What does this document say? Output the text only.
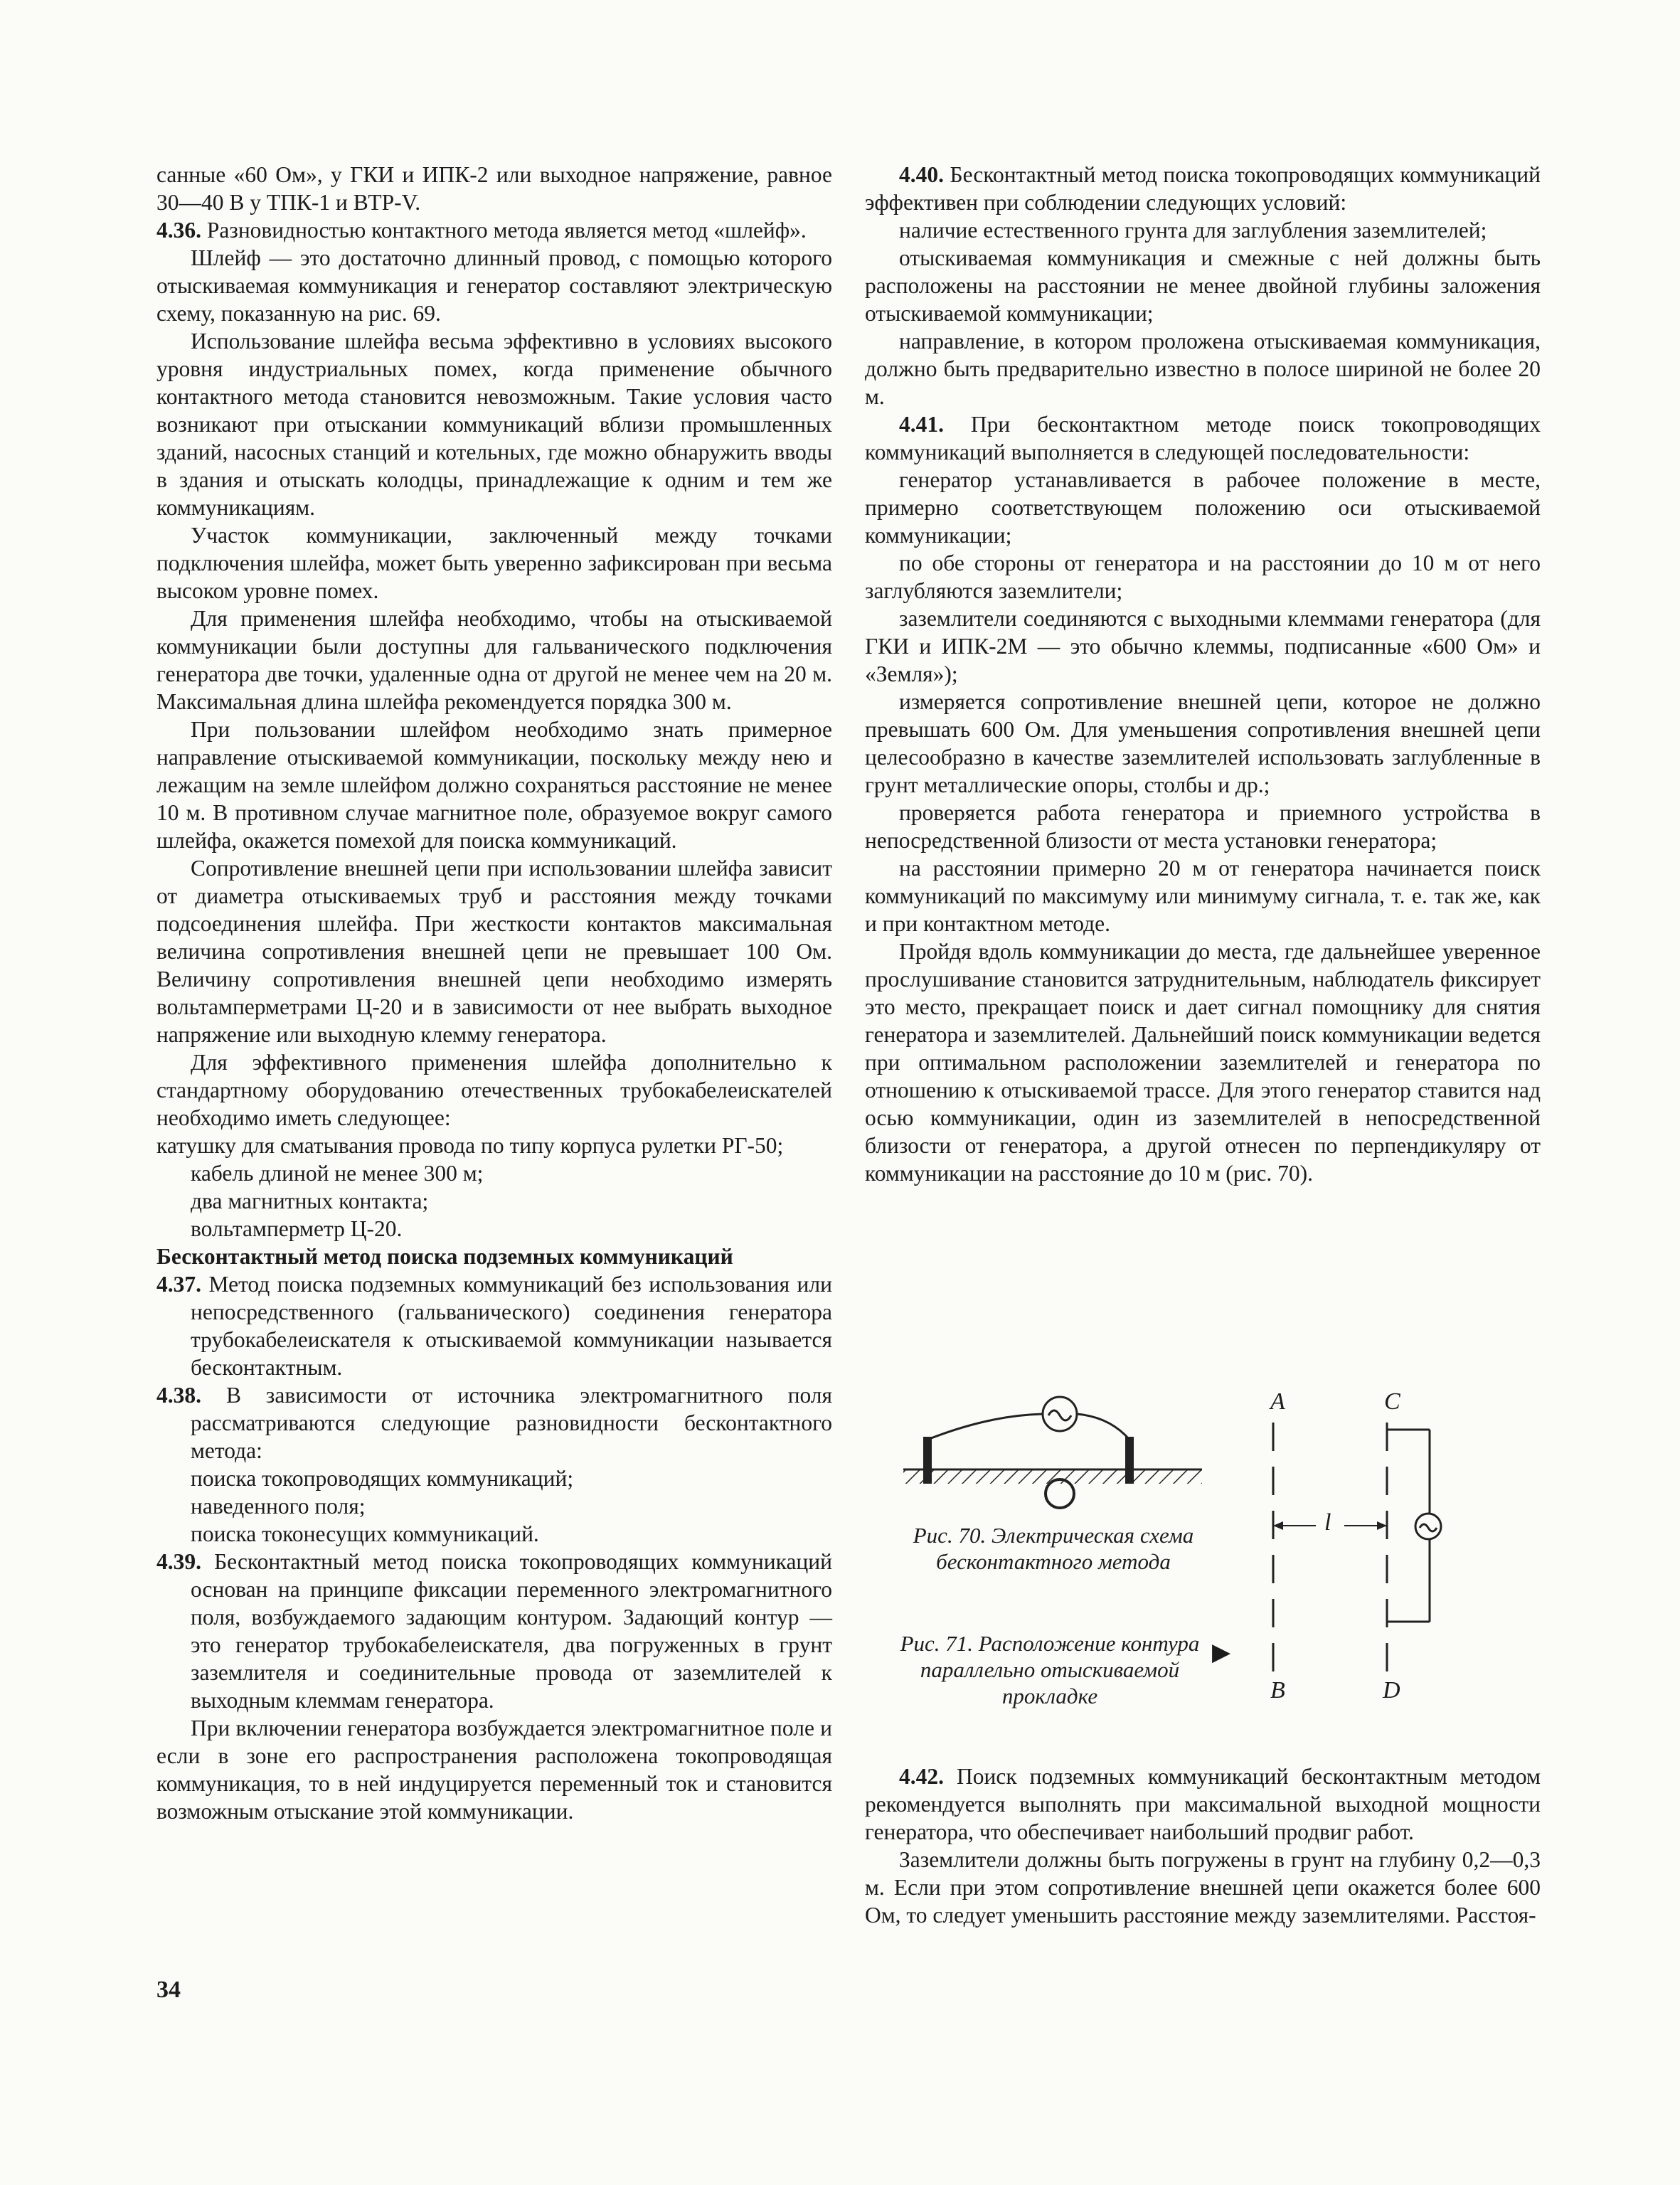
санные «60 Ом», у ГКИ и ИПК-2 или выходное напряжение, равное 30—40 В у ТПК-1 и ВТР-V.

4.36. Разновидностью контактного метода является метод «шлейф».

Шлейф — это достаточно длинный провод, с помощью которого отыскиваемая коммуникация и генератор составляют электрическую схему, показанную на рис. 69.

Использование шлейфа весьма эффективно в условиях высокого уровня индустриальных помех, когда применение обычного контактного метода становится невозможным. Такие условия часто возникают при отыскании коммуникаций вблизи промышленных зданий, насосных станций и котельных, где можно обнаружить вводы в здания и отыскать колодцы, принадлежащие к одним и тем же коммуникациям.

Участок коммуникации, заключенный между точками подключения шлейфа, может быть уверенно зафиксирован при весьма высоком уровне помех.

Для применения шлейфа необходимо, чтобы на отыскиваемой коммуникации были доступны для гальванического подключения генератора две точки, удаленные одна от другой не менее чем на 20 м. Максимальная длина шлейфа рекомендуется порядка 300 м.

При пользовании шлейфом необходимо знать примерное направление отыскиваемой коммуникации, поскольку между нею и лежащим на земле шлейфом должно сохраняться расстояние не менее 10 м. В противном случае магнитное поле, образуемое вокруг самого шлейфа, окажется помехой для поиска коммуникаций.

Сопротивление внешней цепи при использовании шлейфа зависит от диаметра отыскиваемых труб и расстояния между точками подсоединения шлейфа. При жесткости контактов максимальная величина сопротивления внешней цепи не превышает 100 Ом. Величину сопротивления внешней цепи необходимо измерять вольтамперметрами Ц-20 и в зависимости от нее выбрать выходное напряжение или выходную клемму генератора.

Для эффективного применения шлейфа дополнительно к стандартному оборудованию отечественных трубокабелеискателей необходимо иметь следующее:

катушку для сматывания провода по типу корпуса рулетки РГ-50;

кабель длиной не менее 300 м;

два магнитных контакта;

вольтамперметр Ц-20.

Бесконтактный метод поиска подземных коммуникаций

4.37. Метод поиска подземных коммуникаций без использования или непосредственного (гальванического) соединения генератора трубокабелеискателя к отыскиваемой коммуникации называется бесконтактным.

4.38. В зависимости от источника электромагнитного поля рассматриваются следующие разновидности бесконтактного метода:

поиска токопроводящих коммуникаций;

наведенного поля;

поиска токонесущих коммуникаций.

4.39. Бесконтактный метод поиска токопроводящих коммуникаций основан на принципе фиксации переменного электромагнитного поля, возбуждаемого задающим контуром. Задающий контур — это генератор трубокабелеискателя, два погруженных в грунт заземлителя и соединительные провода от заземлителей к выходным клеммам генератора.

При включении генератора возбуждается электромагнитное поле и если в зоне его распространения расположена токопроводящая коммуникация, то в ней индуцируется переменный ток и становится возможным отыскание этой коммуникации.

4.40. Бесконтактный метод поиска токопроводящих коммуникаций эффективен при соблюдении следующих условий:

наличие естественного грунта для заглубления заземлителей;

отыскиваемая коммуникация и смежные с ней должны быть расположены на расстоянии не менее двойной глубины заложения отыскиваемой коммуникации;

направление, в котором проложена отыскиваемая коммуникация, должно быть предварительно известно в полосе шириной не более 20 м.

4.41. При бесконтактном методе поиск токопроводящих коммуникаций выполняется в следующей последовательности:

генератор устанавливается в рабочее положение в месте, примерно соответствующем положению оси отыскиваемой коммуникации;

по обе стороны от генератора и на расстоянии до 10 м от него заглубляются заземлители;

заземлители соединяются с выходными клеммами генератора (для ГКИ и ИПК-2М — это обычно клеммы, подписанные «600 Ом» и «Земля»);

измеряется сопротивление внешней цепи, которое не должно превышать 600 Ом. Для уменьшения сопротивления внешней цепи целесообразно в качестве заземлителей использовать заглубленные в грунт металлические опоры, столбы и др.;

проверяется работа генератора и приемного устройства в непосредственной близости от места установки генератора;

на расстоянии примерно 20 м от генератора начинается поиск коммуникаций по максимуму или минимуму сигнала, т. е. так же, как и при контактном методе.

Пройдя вдоль коммуникации до места, где дальнейшее уверенное прослушивание становится затруднительным, наблюдатель фиксирует это место, прекращает поиск и дает сигнал помощнику для снятия генератора и заземлителей. Дальнейший поиск коммуникации ведется при оптимальном расположении заземлителей и генератора по отношению к отыскиваемой трассе. Для этого генератор ставится над осью коммуникации, один из заземлителей в непосредственной близости от генератора, а другой отнесен по перпендикуляру от коммуникации на расстояние до 10 м (рис. 70).

A
B
C
D
l
Рис. 70. Электрическая схема бесконтактного метода
Рис. 71. Расположение контура параллельно отыскиваемой прокладке
▶

4.42. Поиск подземных коммуникаций бесконтактным методом рекомендуется выполнять при максимальной выходной мощности генератора, что обеспечивает наибольший продвиг работ.

Заземлители должны быть погружены в грунт на глубину 0,2—0,3 м. Если при этом сопротивление внешней цепи окажется более 600 Ом, то следует уменьшить расстояние между заземлителями. Расстоя-

34
